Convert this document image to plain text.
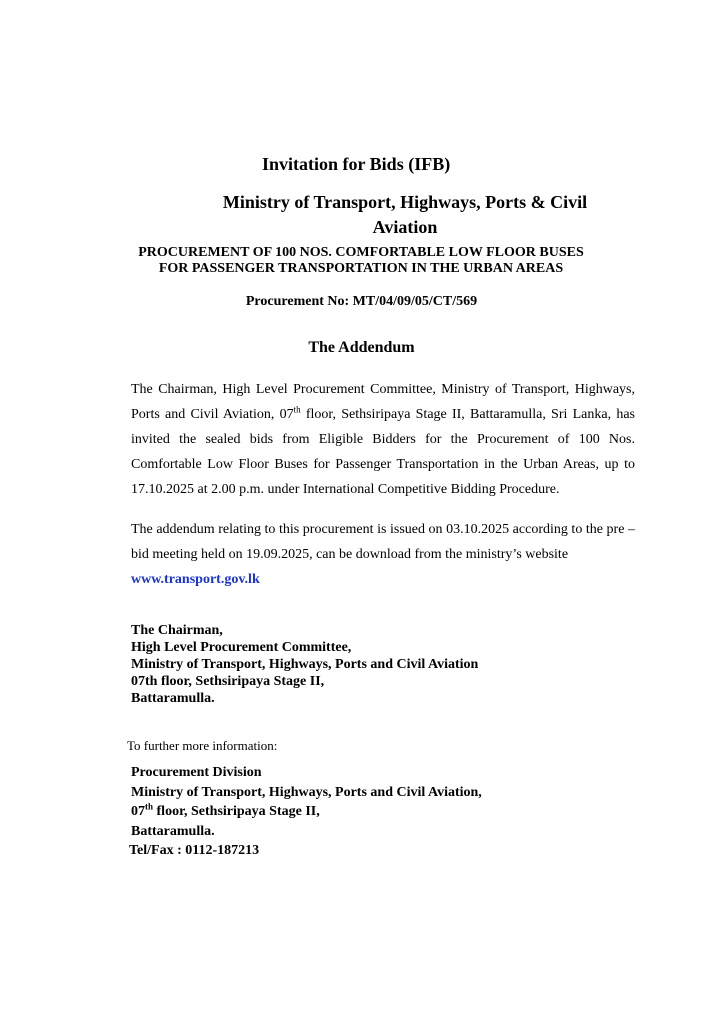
Invitation for Bids (IFB)
Ministry of Transport, Highways, Ports & Civil Aviation
PROCUREMENT OF 100 NOS. COMFORTABLE LOW FLOOR BUSES
FOR PASSENGER TRANSPORTATION IN THE URBAN AREAS
Procurement No: MT/04/09/05/CT/569
The Addendum
The Chairman, High Level Procurement Committee, Ministry of Transport, Highways, Ports and Civil Aviation, 07th floor, Sethsiripaya Stage II, Battaramulla, Sri Lanka, has invited the sealed bids from Eligible Bidders for the Procurement of 100 Nos. Comfortable Low Floor Buses for Passenger Transportation in the Urban Areas, up to 17.10.2025 at 2.00 p.m. under International Competitive Bidding Procedure.
The addendum relating to this procurement is issued on 03.10.2025 according to the pre – bid meeting held on 19.09.2025, can be download from the ministry’s website
www.transport.gov.lk
The Chairman,
High Level Procurement Committee,
Ministry of Transport, Highways, Ports and Civil Aviation
07th floor, Sethsiripaya Stage II,
Battaramulla.
To further more information:
Procurement Division
Ministry of Transport, Highways, Ports and Civil Aviation,
07th floor, Sethsiripaya Stage II,
Battaramulla.
Tel/Fax : 0112-187213
